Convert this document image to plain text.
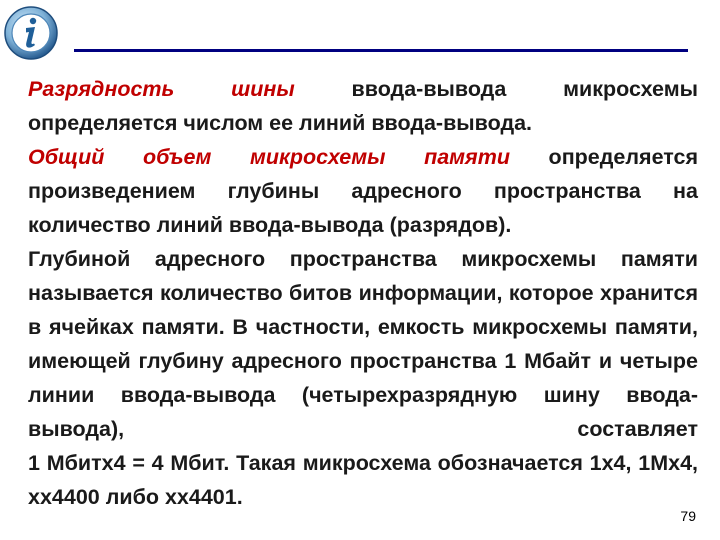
Разрядность шины ввода-вывода микросхемы определяется числом ее линий ввода-вывода.

Общий объем микросхемы памяти определяется произведением глубины адресного пространства на количество линий ввода-вывода (разрядов).

Глубиной адресного пространства микросхемы памяти называется количество битов информации, которое хранится в ячейках памяти. В частности, емкость микросхемы памяти, имеющей глубину адресного пространства 1 Мбайт и четыре линии ввода-вывода (четырехразрядную шину ввода-вывода), составляет

1 Мбитх4 = 4 Мбит. Такая микросхема обозначается 1х4, 1Мх4, хх4400 либо хх4401.

79
